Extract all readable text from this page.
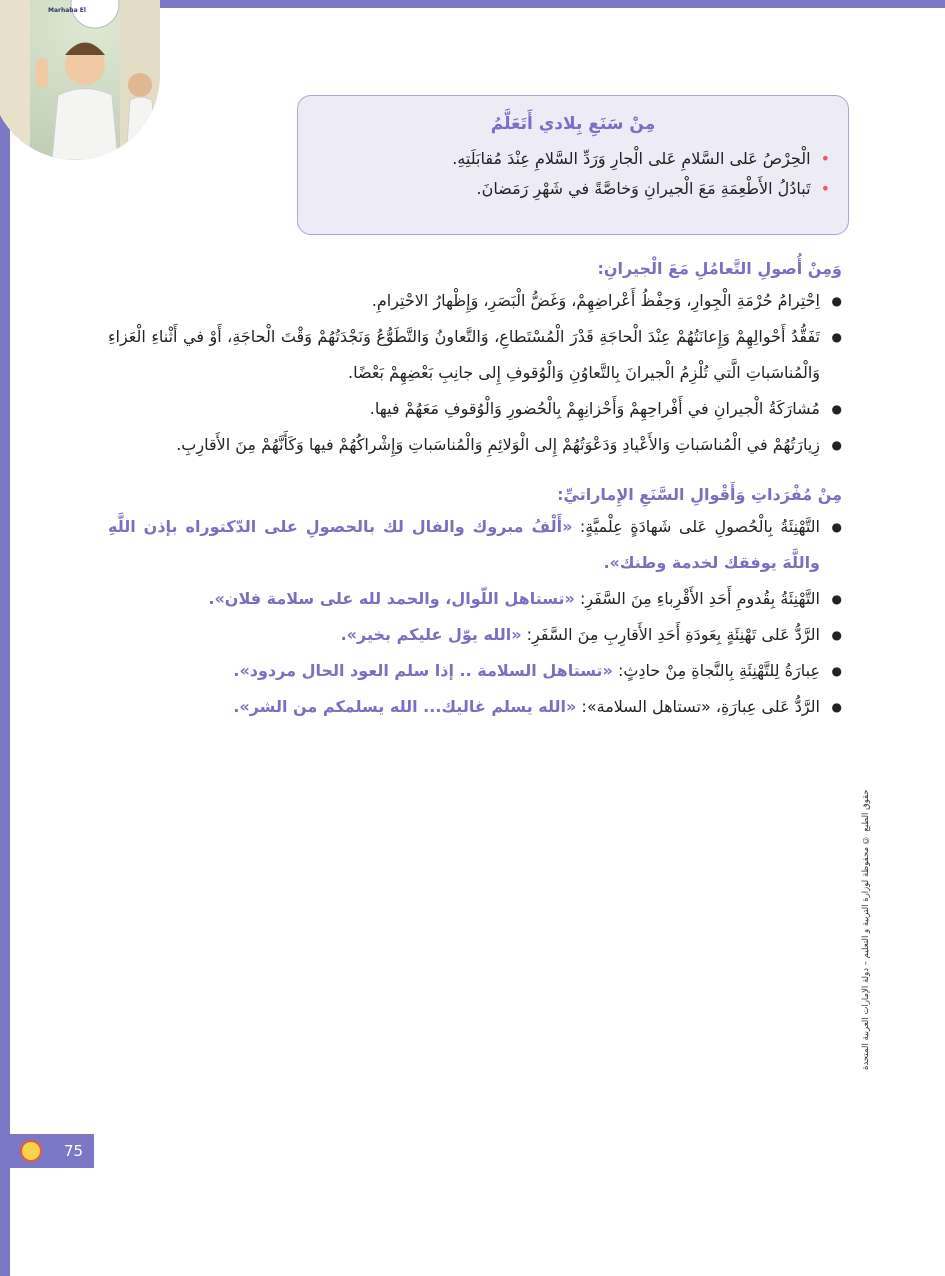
Marhaba El
مِنْ سَنَعِ بِلادي أَتَعَلَّمُ
•
الْحِرْصُ عَلى السَّلامِ عَلى الْجارِ وَرَدِّ السَّلامِ عِنْدَ مُقابَلَتِهِ.
•
تَبادُلُ الأَطْعِمَةِ مَعَ الْجيرانِ وَخاصَّةً في شَهْرِ رَمَضانَ.

وَمِنْ أُصولِ التَّعامُلِ مَعَ الْجيرانِ:

●
اِحْتِرامُ حُرْمَةِ الْجِوارِ، وَحِفْظُ أَعْراضِهِمْ، وَغَضُّ الْبَصَرِ، وَإِظْهارُ الاحْتِرامِ.
●
تَفَقُّدُ أَحْوالِهِمْ وَإِعانَتُهُمْ عِنْدَ الْحاجَةِ قَدْرَ الْمُسْتَطاعِ، وَالتَّعاونُ وَالتَّطَوُّعُ وَنَجْدَتُهُمْ وَقْتَ الْحاجَةِ، أَوْ في أَثْناءِ الْعَزاءِ وَالْمُناسَباتِ الَّتي تُلْزِمُ الْجيرانَ بِالتَّعاوُنِ وَالْوُقوفِ إِلى جانِبِ بَعْضِهِمْ بَعْضًا.
●
مُشارَكَةُ الْجيرانِ في أَفْراحِهِمْ وَأَحْزانِهِمْ بِالْحُضورِ وَالْوُقوفِ مَعَهُمْ فيها.
●
زِيارَتُهُمْ في الْمُناسَباتِ وَالأَعْيادِ وَدَعْوَتُهُمْ إِلى الْوَلائِمِ وَالْمُناسَباتِ وَإِشْراكُهُمْ فيها وَكَأَنَّهُمْ مِنَ الأَقارِبِ.

مِنْ مُفْرَداتِ وَأَقْوالِ السَّنَعِ الإِماراتيِّ:

●
التَّهْنِئَةُ بِالْحُصولِ عَلى شَهادَةٍ عِلْميَّةٍ: «أَلْفُ مبروك والفال لك بالحصولِ على الدّكتوراه بإذن اللَّهِ واللَّهَ يوفقك لخدمة وطنك».
●
التَّهْنِئَةُ بِقُدومِ أَحَدِ الأَقْرِباءِ مِنَ السَّفَرِ: «تستاهل اللّوال، والحمد لله على سلامة فلان».
●
الرَّدُّ عَلى تَهْنِئَةٍ بِعَودَةِ أَحَدِ الأَقارِبِ مِنَ السَّفَرِ: «الله يوّل عليكم بخير».
●
عِبارَةُ لِلتَّهْنِئَةِ بِالنَّجاةِ مِنْ حادِثٍ: «تستاهل السلامة .. إذا سلم العود الحال مردود».
●
الرَّدُّ عَلى عِبارَةِ، «تستاهل السلامة»: «الله يسلم غاليك... الله يسلمكم من الشر».
حقوق الطبع © محفوظة لوزارة التربية و التعليم – دولة الإمارات العربية المتحدة
75
